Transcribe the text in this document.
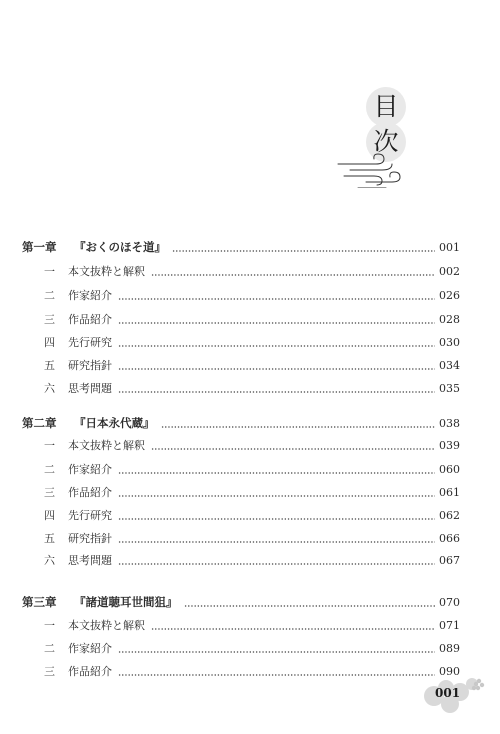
目
次
第一章	『おくのほそ道』	001
一	本文抜粋と解釈	002
二	作家紹介	026
三	作品紹介	028
四	先行研究	030
五	研究指針	034
六	思考問題	035
第二章	『日本永代蔵』	038
一	本文抜粋と解釈	039
二	作家紹介	060
三	作品紹介	061
四	先行研究	062
五	研究指針	066
六	思考問題	067
第三章	『諸道聴耳世間狙』	070
一	本文抜粋と解釈	071
二	作家紹介	089
三	作品紹介	090
001
